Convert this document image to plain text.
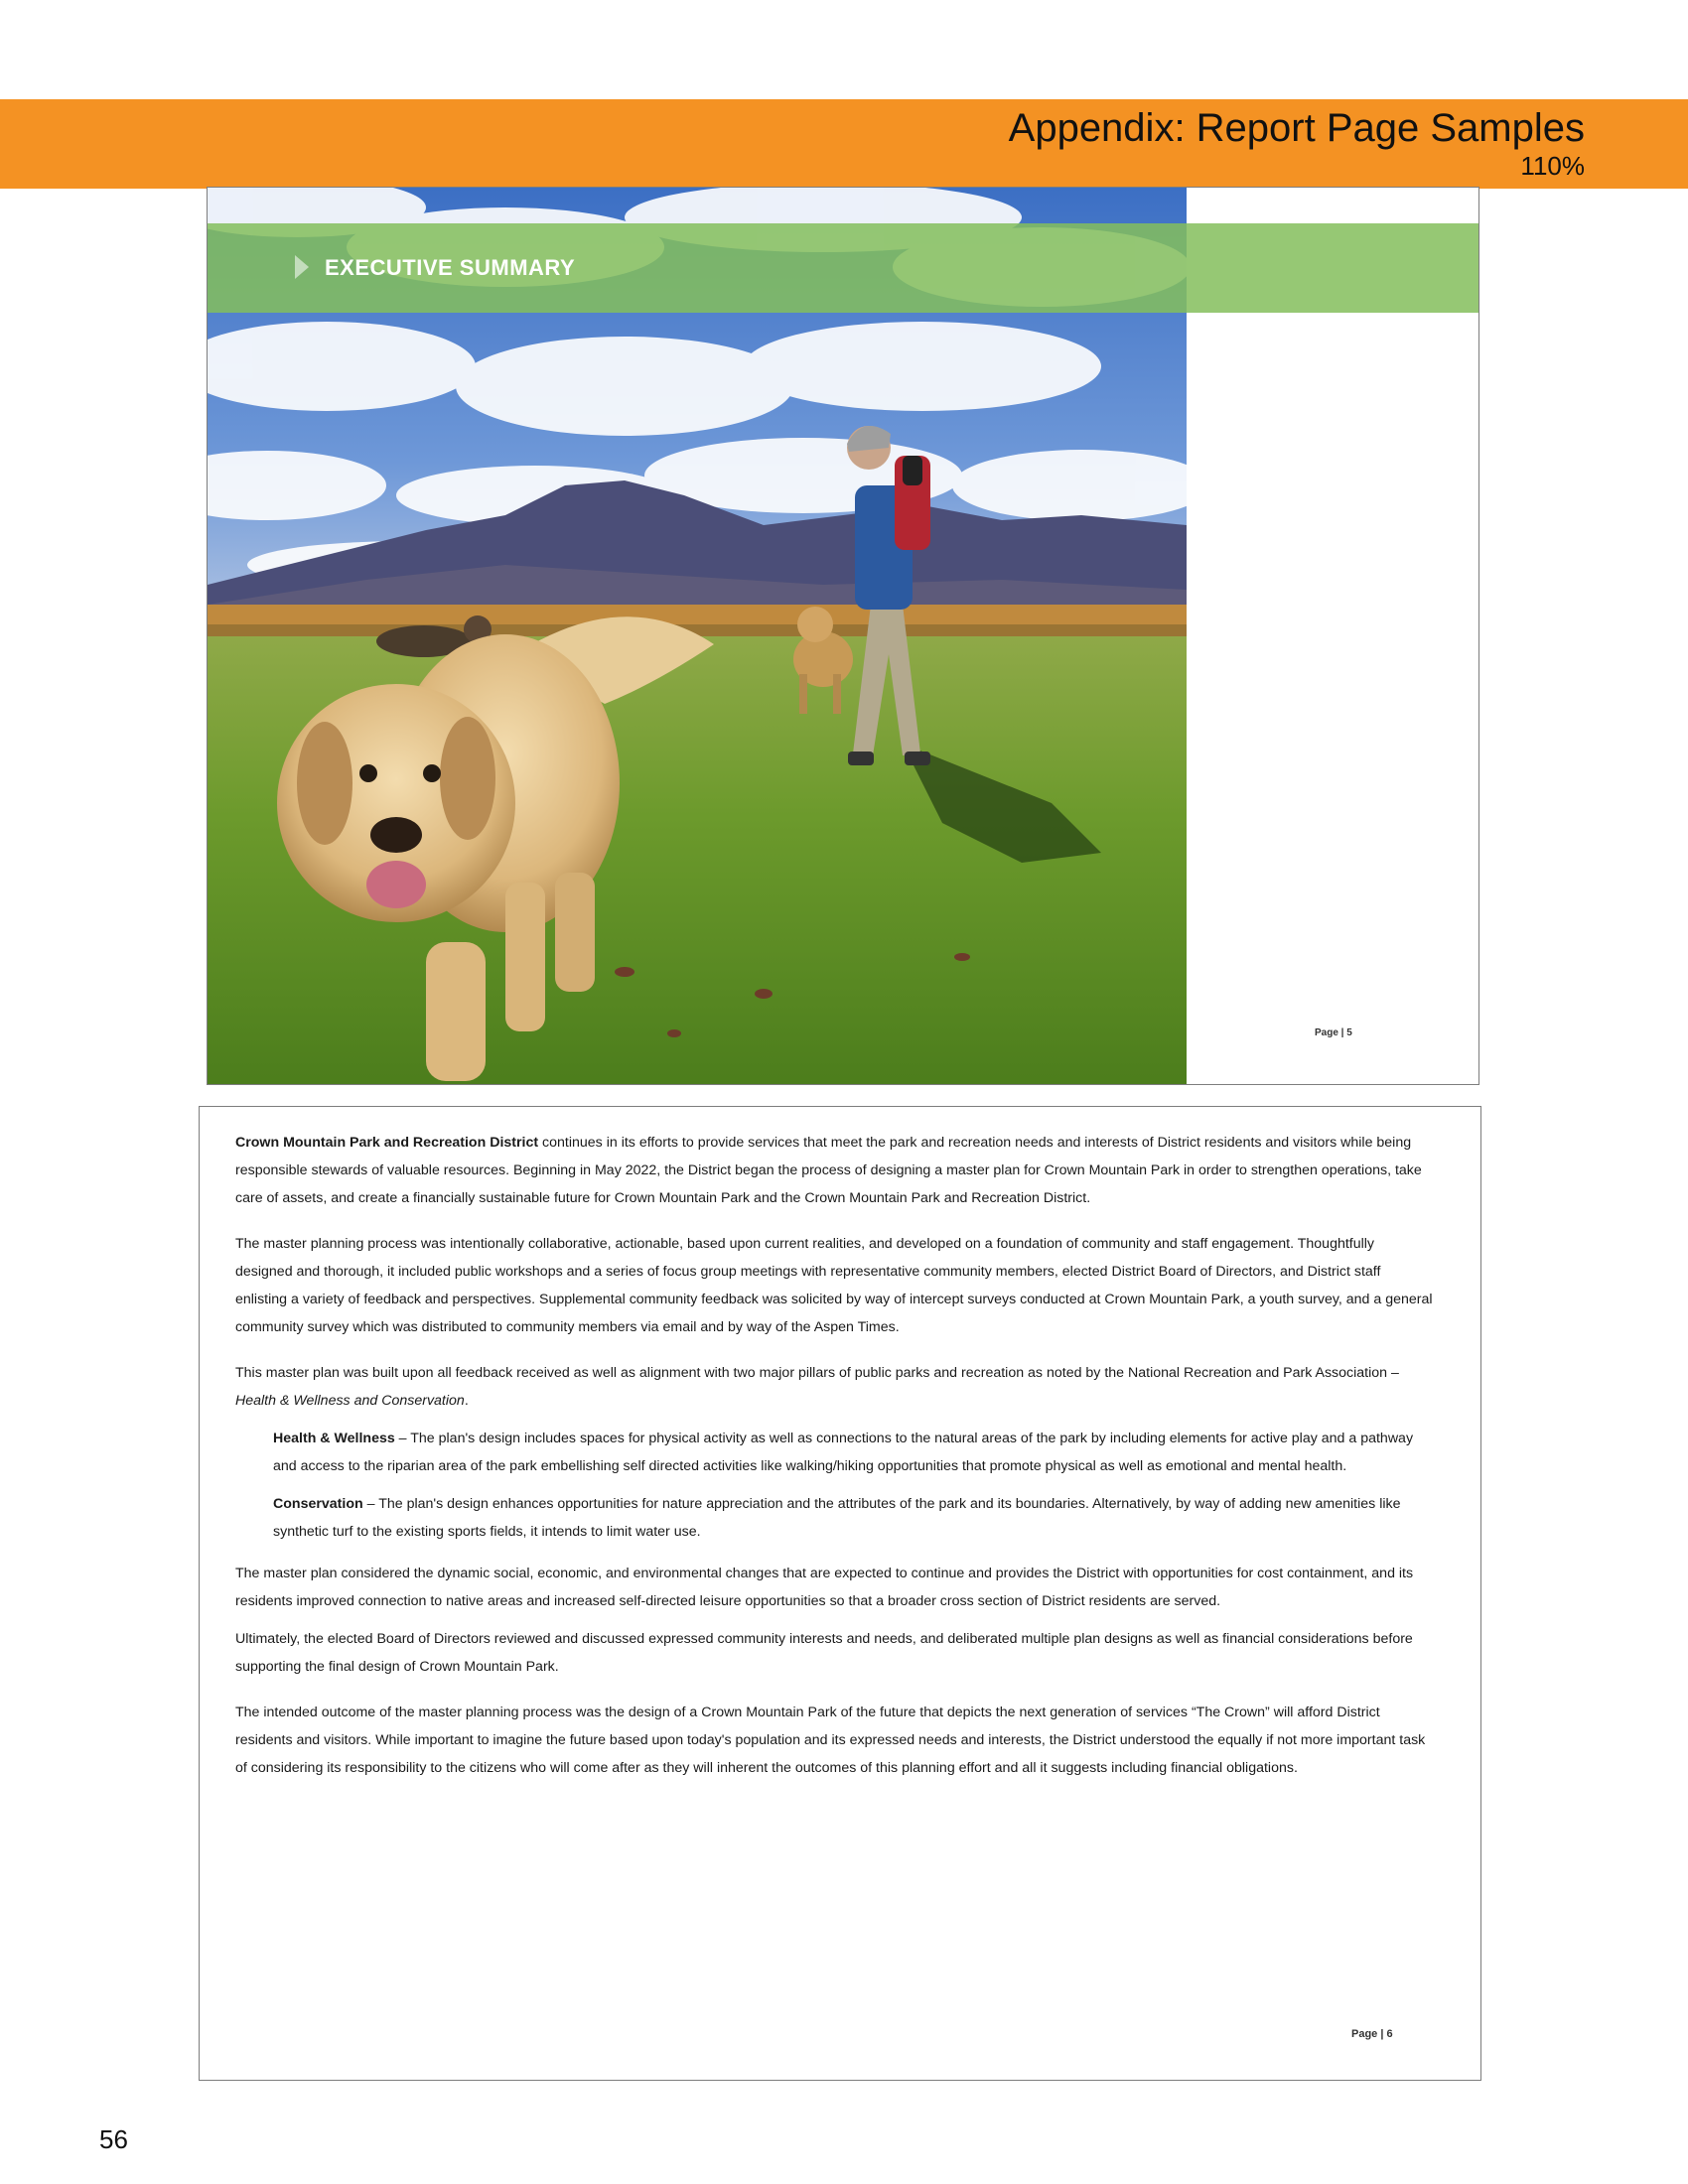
Appendix: Report Page Samples
110%
EXECUTIVE SUMMARY
Page | 5

Crown Mountain Park and Recreation District continues in its efforts to provide services that meet the park and recreation needs and interests of District residents and visitors while being responsible stewards of valuable resources. Beginning in May 2022, the District began the process of designing a master plan for Crown Mountain Park in order to strengthen operations, take care of assets, and create a financially sustainable future for Crown Mountain Park and the Crown Mountain Park and Recreation District.

The master planning process was intentionally collaborative, actionable, based upon current realities, and developed on a foundation of community and staff engagement. Thoughtfully designed and thorough, it included public workshops and a series of focus group meetings with representative community members, elected District Board of Directors, and District staff enlisting a variety of feedback and perspectives. Supplemental community feedback was solicited by way of intercept surveys conducted at Crown Mountain Park, a youth survey, and a general community survey which was distributed to community members via email and by way of the Aspen Times.

This master plan was built upon all feedback received as well as alignment with two major pillars of public parks and recreation as noted by the National Recreation and Park Association – Health & Wellness and Conservation.

Health & Wellness – The plan's design includes spaces for physical activity as well as connections to the natural areas of the park by including elements for active play and a pathway and access to the riparian area of the park embellishing self directed activities like walking/hiking opportunities that promote physical as well as emotional and mental health.

Conservation – The plan's design enhances opportunities for nature appreciation and the attributes of the park and its boundaries. Alternatively, by way of adding new amenities like synthetic turf to the existing sports fields, it intends to limit water use.

The master plan considered the dynamic social, economic, and environmental changes that are expected to continue and provides the District with opportunities for cost containment, and its residents improved connection to native areas and increased self-directed leisure opportunities so that a broader cross section of District residents are served.

Ultimately, the elected Board of Directors reviewed and discussed expressed community interests and needs, and deliberated multiple plan designs as well as financial considerations before supporting the final design of Crown Mountain Park.

The intended outcome of the master planning process was the design of a Crown Mountain Park of the future that depicts the next generation of services “The Crown” will afford District residents and visitors. While important to imagine the future based upon today's population and its expressed needs and interests, the District understood the equally if not more important task of considering its responsibility to the citizens who will come after as they will inherent the outcomes of this planning effort and all it suggests including financial obligations.

Page | 6
56
